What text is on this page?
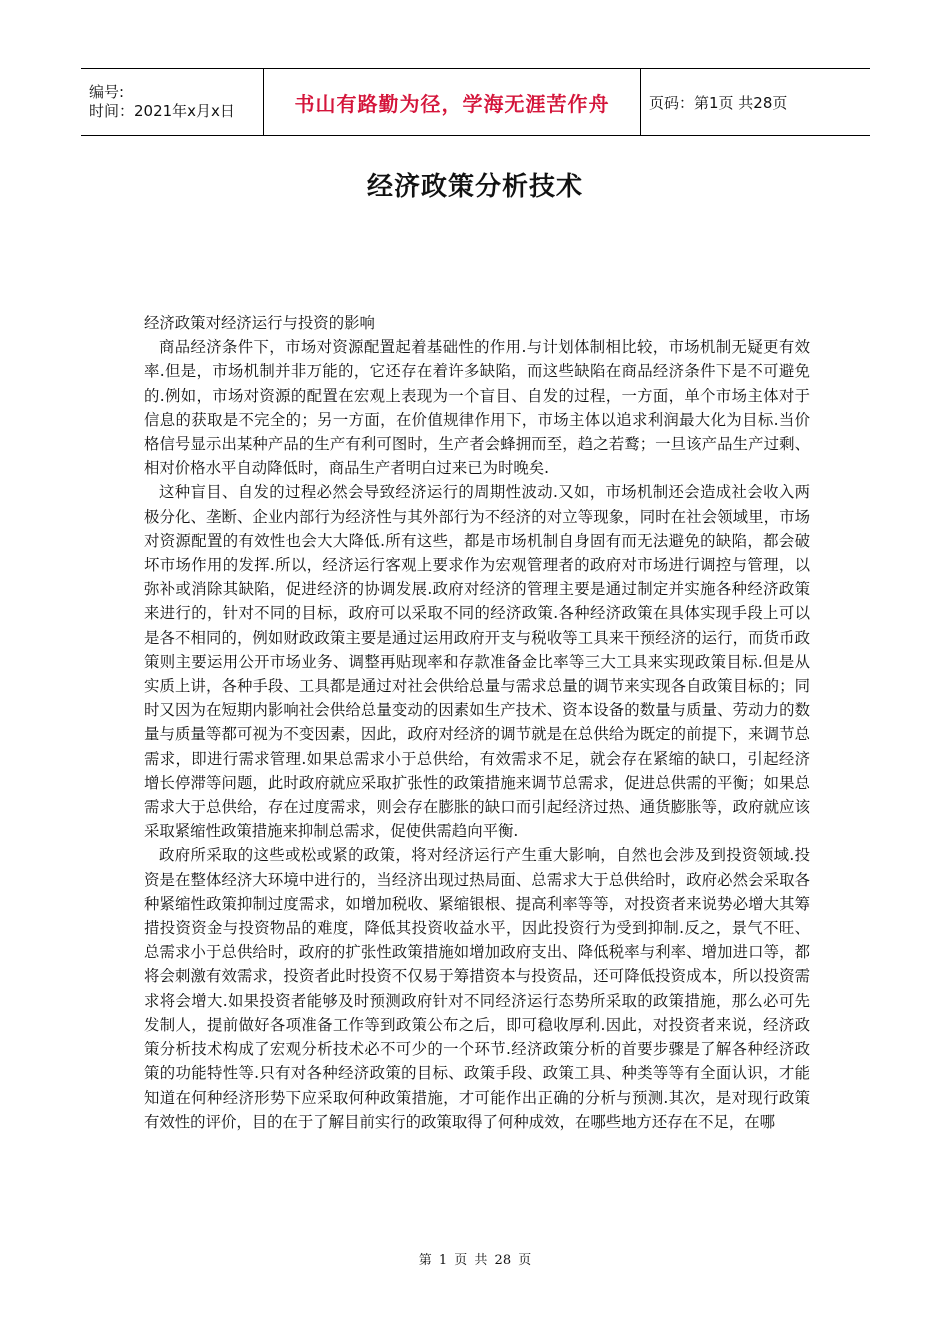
编号:
时间：2021年x月x日	书山有路勤为径，学海无涯苦作舟	页码：第1页 共28页
经济政策分析技术

经济政策对经济运行与投资的影响

商品经济条件下，市场对资源配置起着基础性的作用.与计划体制相比较，市场机制无疑更有效率.但是，市场机制并非万能的，它还存在着许多缺陷，而这些缺陷在商品经济条件下是不可避免的.例如，市场对资源的配置在宏观上表现为一个盲目、自发的过程，一方面，单个市场主体对于信息的获取是不完全的；另一方面，在价值规律作用下，市场主体以追求利润最大化为目标.当价格信号显示出某种产品的生产有利可图时，生产者会蜂拥而至，趋之若鹜；一旦该产品生产过剩、相对价格水平自动降低时，商品生产者明白过来已为时晚矣.

这种盲目、自发的过程必然会导致经济运行的周期性波动.又如，市场机制还会造成社会收入两极分化、垄断、企业内部行为经济性与其外部行为不经济的对立等现象，同时在社会领域里，市场对资源配置的有效性也会大大降低.所有这些，都是市场机制自身固有而无法避免的缺陷，都会破坏市场作用的发挥.所以，经济运行客观上要求作为宏观管理者的政府对市场进行调控与管理，以弥补或消除其缺陷，促进经济的协调发展.政府对经济的管理主要是通过制定并实施各种经济政策来进行的，针对不同的目标，政府可以采取不同的经济政策.各种经济政策在具体实现手段上可以是各不相同的，例如财政政策主要是通过运用政府开支与税收等工具来干预经济的运行，而货币政策则主要运用公开市场业务、调整再贴现率和存款准备金比率等三大工具来实现政策目标.但是从实质上讲，各种手段、工具都是通过对社会供给总量与需求总量的调节来实现各自政策目标的；同时又因为在短期内影响社会供给总量变动的因素如生产技术、资本设备的数量与质量、劳动力的数量与质量等都可视为不变因素，因此，政府对经济的调节就是在总供给为既定的前提下，来调节总需求，即进行需求管理.如果总需求小于总供给，有效需求不足，就会存在紧缩的缺口，引起经济增长停滞等问题，此时政府就应采取扩张性的政策措施来调节总需求，促进总供需的平衡；如果总需求大于总供给，存在过度需求，则会存在膨胀的缺口而引起经济过热、通货膨胀等，政府就应该采取紧缩性政策措施来抑制总需求，促使供需趋向平衡.

政府所采取的这些或松或紧的政策，将对经济运行产生重大影响，自然也会涉及到投资领域.投资是在整体经济大环境中进行的，当经济出现过热局面、总需求大于总供给时，政府必然会采取各种紧缩性政策抑制过度需求，如增加税收、紧缩银根、提高利率等等，对投资者来说势必增大其筹措投资资金与投资物品的难度，降低其投资收益水平，因此投资行为受到抑制.反之，景气不旺、总需求小于总供给时，政府的扩张性政策措施如增加政府支出、降低税率与利率、增加进口等，都将会刺激有效需求，投资者此时投资不仅易于筹措资本与投资品，还可降低投资成本，所以投资需求将会增大.如果投资者能够及时预测政府针对不同经济运行态势所采取的政策措施，那么必可先发制人，提前做好各项准备工作等到政策公布之后，即可稳收厚利.因此，对投资者来说，经济政策分析技术构成了宏观分析技术必不可少的一个环节.经济政策分析的首要步骤是了解各种经济政策的功能特性等.只有对各种经济政策的目标、政策手段、政策工具、种类等等有全面认识，才能知道在何种经济形势下应采取何种政策措施，才可能作出正确的分析与预测.其次，是对现行政策有效性的评价，目的在于了解目前实行的政策取得了何种成效，在哪些地方还存在不足，在哪

第 1 页 共 28 页
